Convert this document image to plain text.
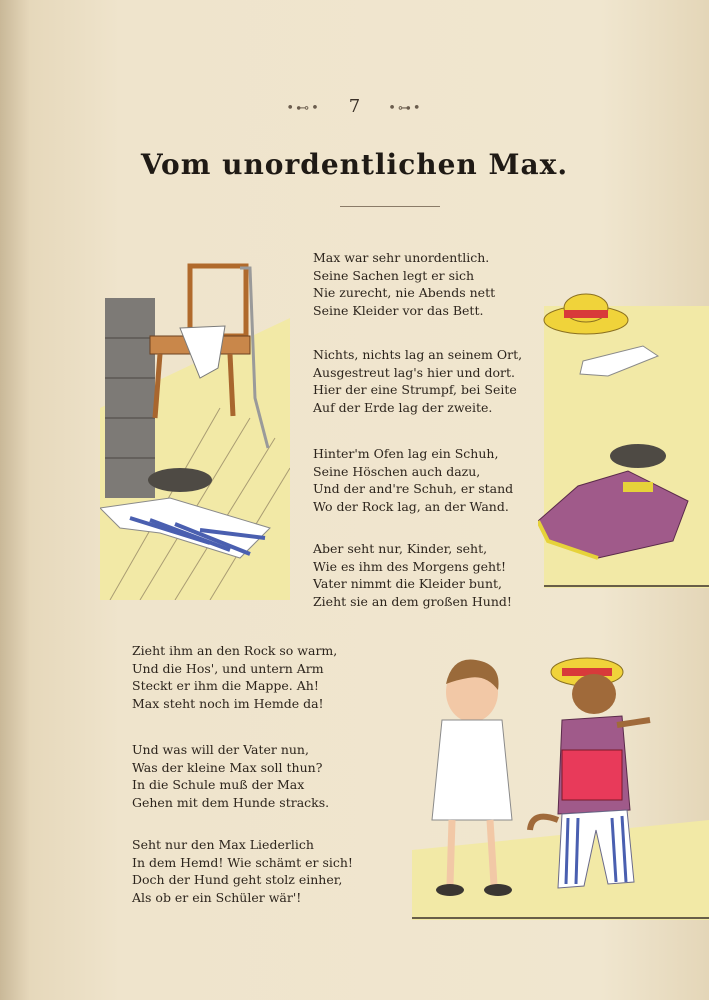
•⊷• 7 •⊶•
Vom unordentlichen Max.
Max war sehr unordentlich.
Seine Sachen legt er sich
Nie zurecht, nie Abends nett
Seine Kleider vor das Bett.
Nichts, nichts lag an seinem Ort,
Ausgestreut lag's hier und dort.
Hier der eine Strumpf, bei Seite
Auf der Erde lag der zweite.
Hinter'm Ofen lag ein Schuh,
Seine Höschen auch dazu,
Und der and're Schuh, er stand
Wo der Rock lag, an der Wand.
Aber seht nur, Kinder, seht,
Wie es ihm des Morgens geht!
Vater nimmt die Kleider bunt,
Zieht sie an dem großen Hund!
Zieht ihm an den Rock so warm,
Und die Hos', und untern Arm
Steckt er ihm die Mappe. Ah!
Max steht noch im Hemde da!
Und was will der Vater nun,
Was der kleine Max soll thun?
In die Schule muß der Max
Gehen mit dem Hunde stracks.
Seht nur den Max Liederlich
In dem Hemd! Wie schämt er sich!
Doch der Hund geht stolz einher,
Als ob er ein Schüler wär'!
